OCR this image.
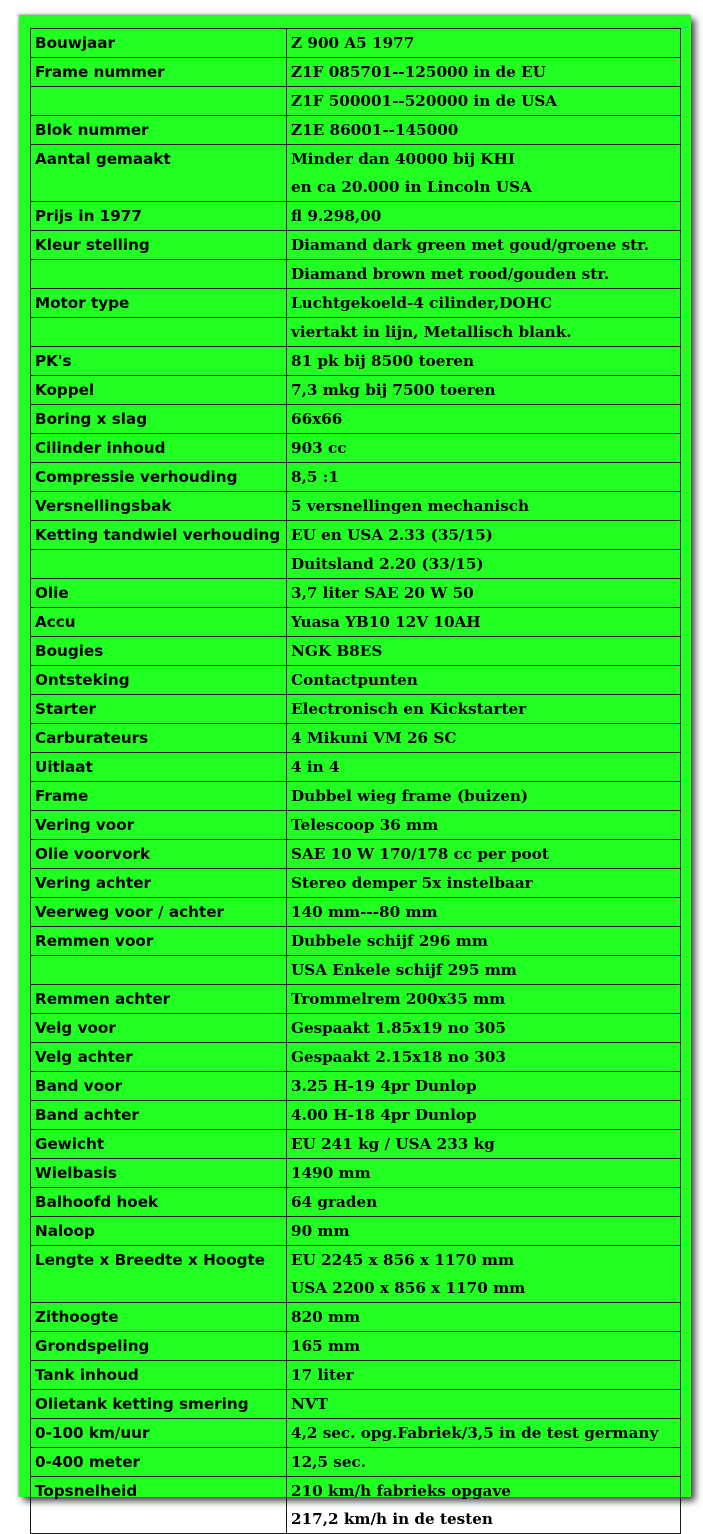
Bouwjaar	Z 900 A5 1977

Frame nummer	Z1F 085701--125000 in de EU

	Z1F 500001--520000 in de USA

Blok nummer	Z1E 86001--145000

Aantal gemaakt	Minder dan 40000 bij KHI
en ca 20.000 in Lincoln USA

Prijs in 1977	fl 9.298,00

Kleur stelling	Diamand dark green met goud/groene str.

	Diamand brown met rood/gouden str.

Motor type	Luchtgekoeld-4 cilinder,DOHC

	viertakt in lijn, Metallisch blank.

PK's	81 pk bij 8500 toeren

Koppel	7,3 mkg bij 7500 toeren

Boring x slag	66x66

Cilinder inhoud	903 cc

Compressie verhouding	8,5 :1

Versnellingsbak	5 versnellingen mechanisch

Ketting tandwiel verhouding	EU en USA 2.33 (35/15)

	Duitsland 2.20 (33/15)

Olie	3,7 liter SAE 20 W 50

Accu	Yuasa YB10 12V 10AH

Bougies	NGK B8ES

Ontsteking	Contactpunten

Starter	Electronisch en Kickstarter

Carburateurs	4 Mikuni VM 26 SC

Uitlaat	4 in 4

Frame	Dubbel wieg frame (buizen)

Vering voor	Telescoop 36 mm

Olie voorvork	SAE 10 W 170/178 cc per poot

Vering achter	Stereo demper 5x instelbaar

Veerweg voor / achter	140 mm---80 mm

Remmen voor	Dubbele schijf 296 mm

	USA Enkele schijf 295 mm

Remmen achter	Trommelrem 200x35 mm

Velg voor	Gespaakt 1.85x19 no 305

Velg achter	Gespaakt 2.15x18 no 303

Band voor	3.25 H-19 4pr Dunlop

Band achter	4.00 H-18 4pr Dunlop

Gewicht	EU 241 kg / USA 233 kg

Wielbasis	1490 mm

Balhoofd hoek	64 graden

Naloop	90 mm

Lengte x Breedte x Hoogte	EU 2245 x 856 x 1170 mm
USA 2200 x 856 x 1170 mm

Zithoogte	820 mm

Grondspeling	165 mm

Tank inhoud	17 liter

Olietank ketting smering	NVT

0-100 km/uur	4,2 sec. opg.Fabriek/3,5 in de test germany

0-400 meter	12,5 sec.

Topsnelheid	210 km/h fabrieks opgave
217,2 km/h in de testen
